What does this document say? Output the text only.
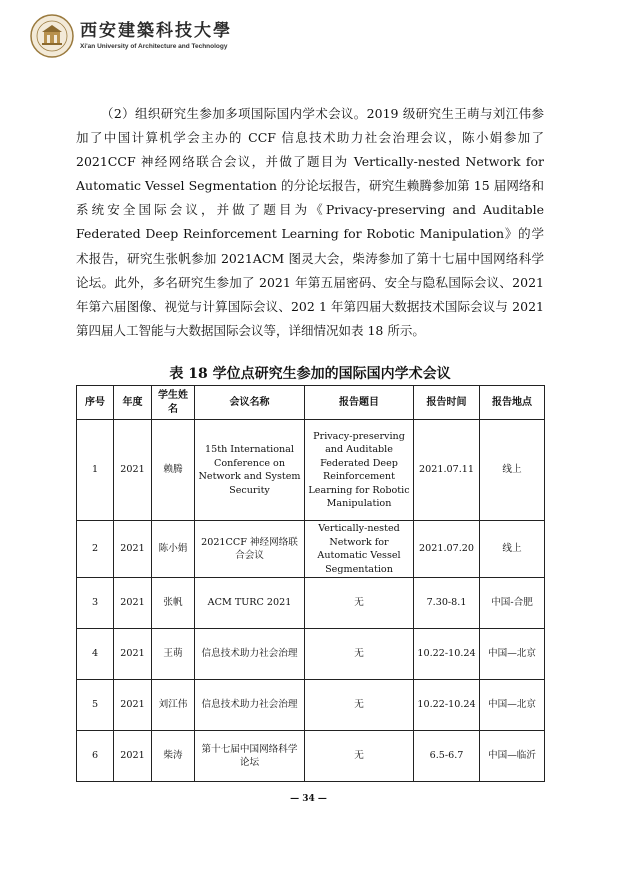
西安建築科技大學
Xi'an University of Architecture and Technology

（2）组织研究生参加多项国际国内学术会议。2019 级研究生王萌与刘江伟参加了中国计算机学会主办的 CCF 信息技术助力社会治理会议，陈小娟参加了 2021CCF 神经网络联合会议，并做了题目为 Vertically-nested Network for Automatic Vessel Segmentation 的分论坛报告，研究生赖腾参加第 15 届网络和系统安全国际会议，并做了题目为《Privacy-preserving and Auditable Federated Deep Reinforcement Learning for Robotic Manipulation》的学术报告，研究生张帆参加 2021ACM 图灵大会，柴涛参加了第十七届中国网络科学论坛。此外，多名研究生参加了 2021 年第五届密码、安全与隐私国际会议、2021 年第六届图像、视觉与计算国际会议、202 1 年第四届大数据技术国际会议与 2021 第四届人工智能与大数据国际会议等，详细情况如表 18 所示。

表 18 学位点研究生参加的国际国内学术会议
序号	年度	学生姓名	会议名称	报告题目	报告时间	报告地点
1	2021	赖腾	15th International Conference on Network and System Security	Privacy-preserving and Auditable Federated Deep Reinforcement Learning for Robotic Manipulation	2021.07.11	线上
2	2021	陈小娟	2021CCF 神经网络联合会议	Vertically-nested Network for Automatic Vessel Segmentation	2021.07.20	线上
3	2021	张帆	ACM TURC 2021	无	7.30-8.1	中国-合肥
4	2021	王萌	信息技术助力社会治理	无	10.22-10.24	中国—北京
5	2021	刘江伟	信息技术助力社会治理	无	10.22-10.24	中国—北京
6	2021	柴涛	第十七届中国网络科学论坛	无	6.5-6.7	中国—临沂
— 34 —
